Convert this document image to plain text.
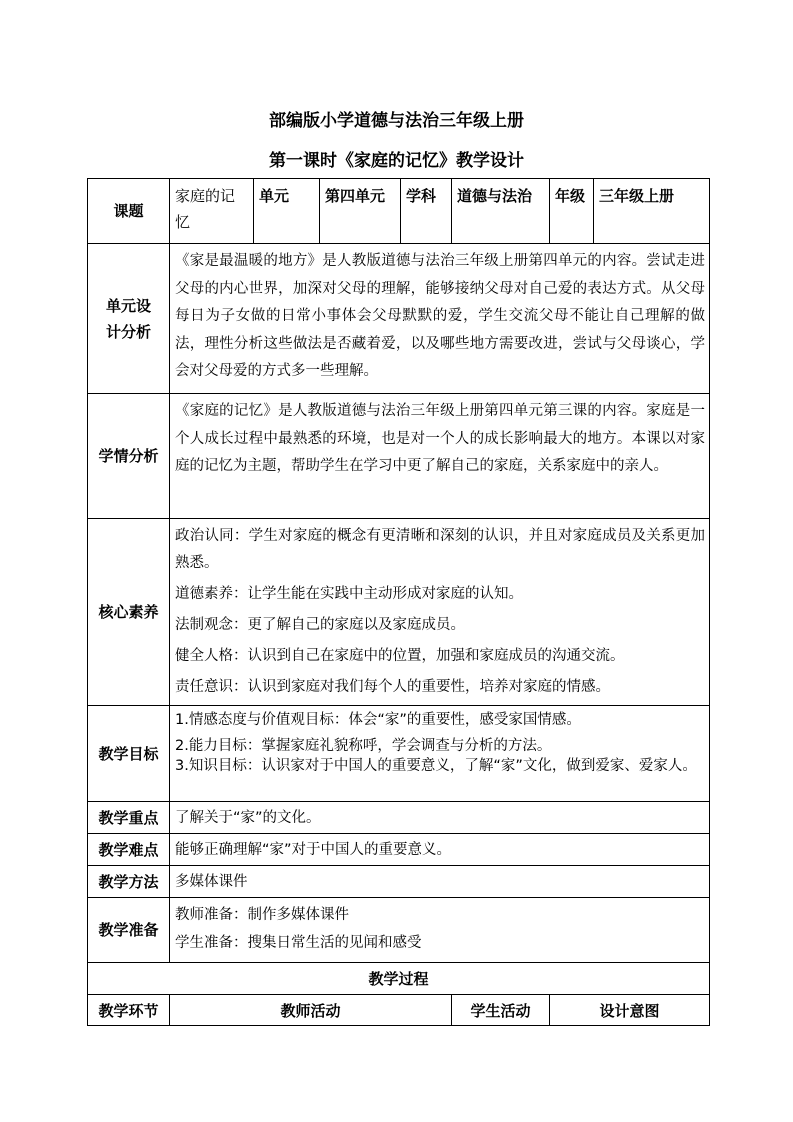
部编版小学道德与法治三年级上册
第一课时《家庭的记忆》教学设计
课题	家庭的记忆	单元	第四单元	学科	道德与法治	年级	三年级上册
单元设计分析	《家是最温暖的地方》是人教版道德与法治三年级上册第四单元的内容。尝试走进父母的内心世界，加深对父母的理解，能够接纳父母对自己爱的表达方式。从父母每日为子女做的日常小事体会父母默默的爱，学生交流父母不能让自己理解的做法，理性分析这些做法是否藏着爱，以及哪些地方需要改进，尝试与父母谈心，学会对父母爱的方式多一些理解。						
学情分析	《家庭的记忆》是人教版道德与法治三年级上册第四单元第三课的内容。家庭是一个人成长过程中最熟悉的环境，也是对一个人的成长影响最大的地方。本课以对家庭的记忆为主题，帮助学生在学习中更了解自己的家庭，关系家庭中的亲人。						
核心素养	政治认同：学生对家庭的概念有更清晰和深刻的认识，并且对家庭成员及关系更加熟悉。

道德素养：让学生能在实践中主动形成对家庭的认知。

法制观念：更了解自己的家庭以及家庭成员。

健全人格：认识到自己在家庭中的位置，加强和家庭成员的沟通交流。

责任意识：认识到家庭对我们每个人的重要性，培养对家庭的情感。						

教学目标	1.情感态度与价值观目标：体会“家”的重要性，感受家国情感。

2.能力目标：掌握家庭礼貌称呼，学会调查与分析的方法。

3.知识目标：认识家对于中国人的重要意义，了解“家”文化，做到爱家、爱家人。						

教学重点	了解关于“家”的文化。						
教学难点	能够正确理解“家”对于中国人的重要意义。						
教学方法	多媒体课件						
教学准备	教师准备：制作多媒体课件

学生准备：搜集日常生活的见闻和感受						

教学过程							
教学环节	教师活动				学生活动	设计意图	
